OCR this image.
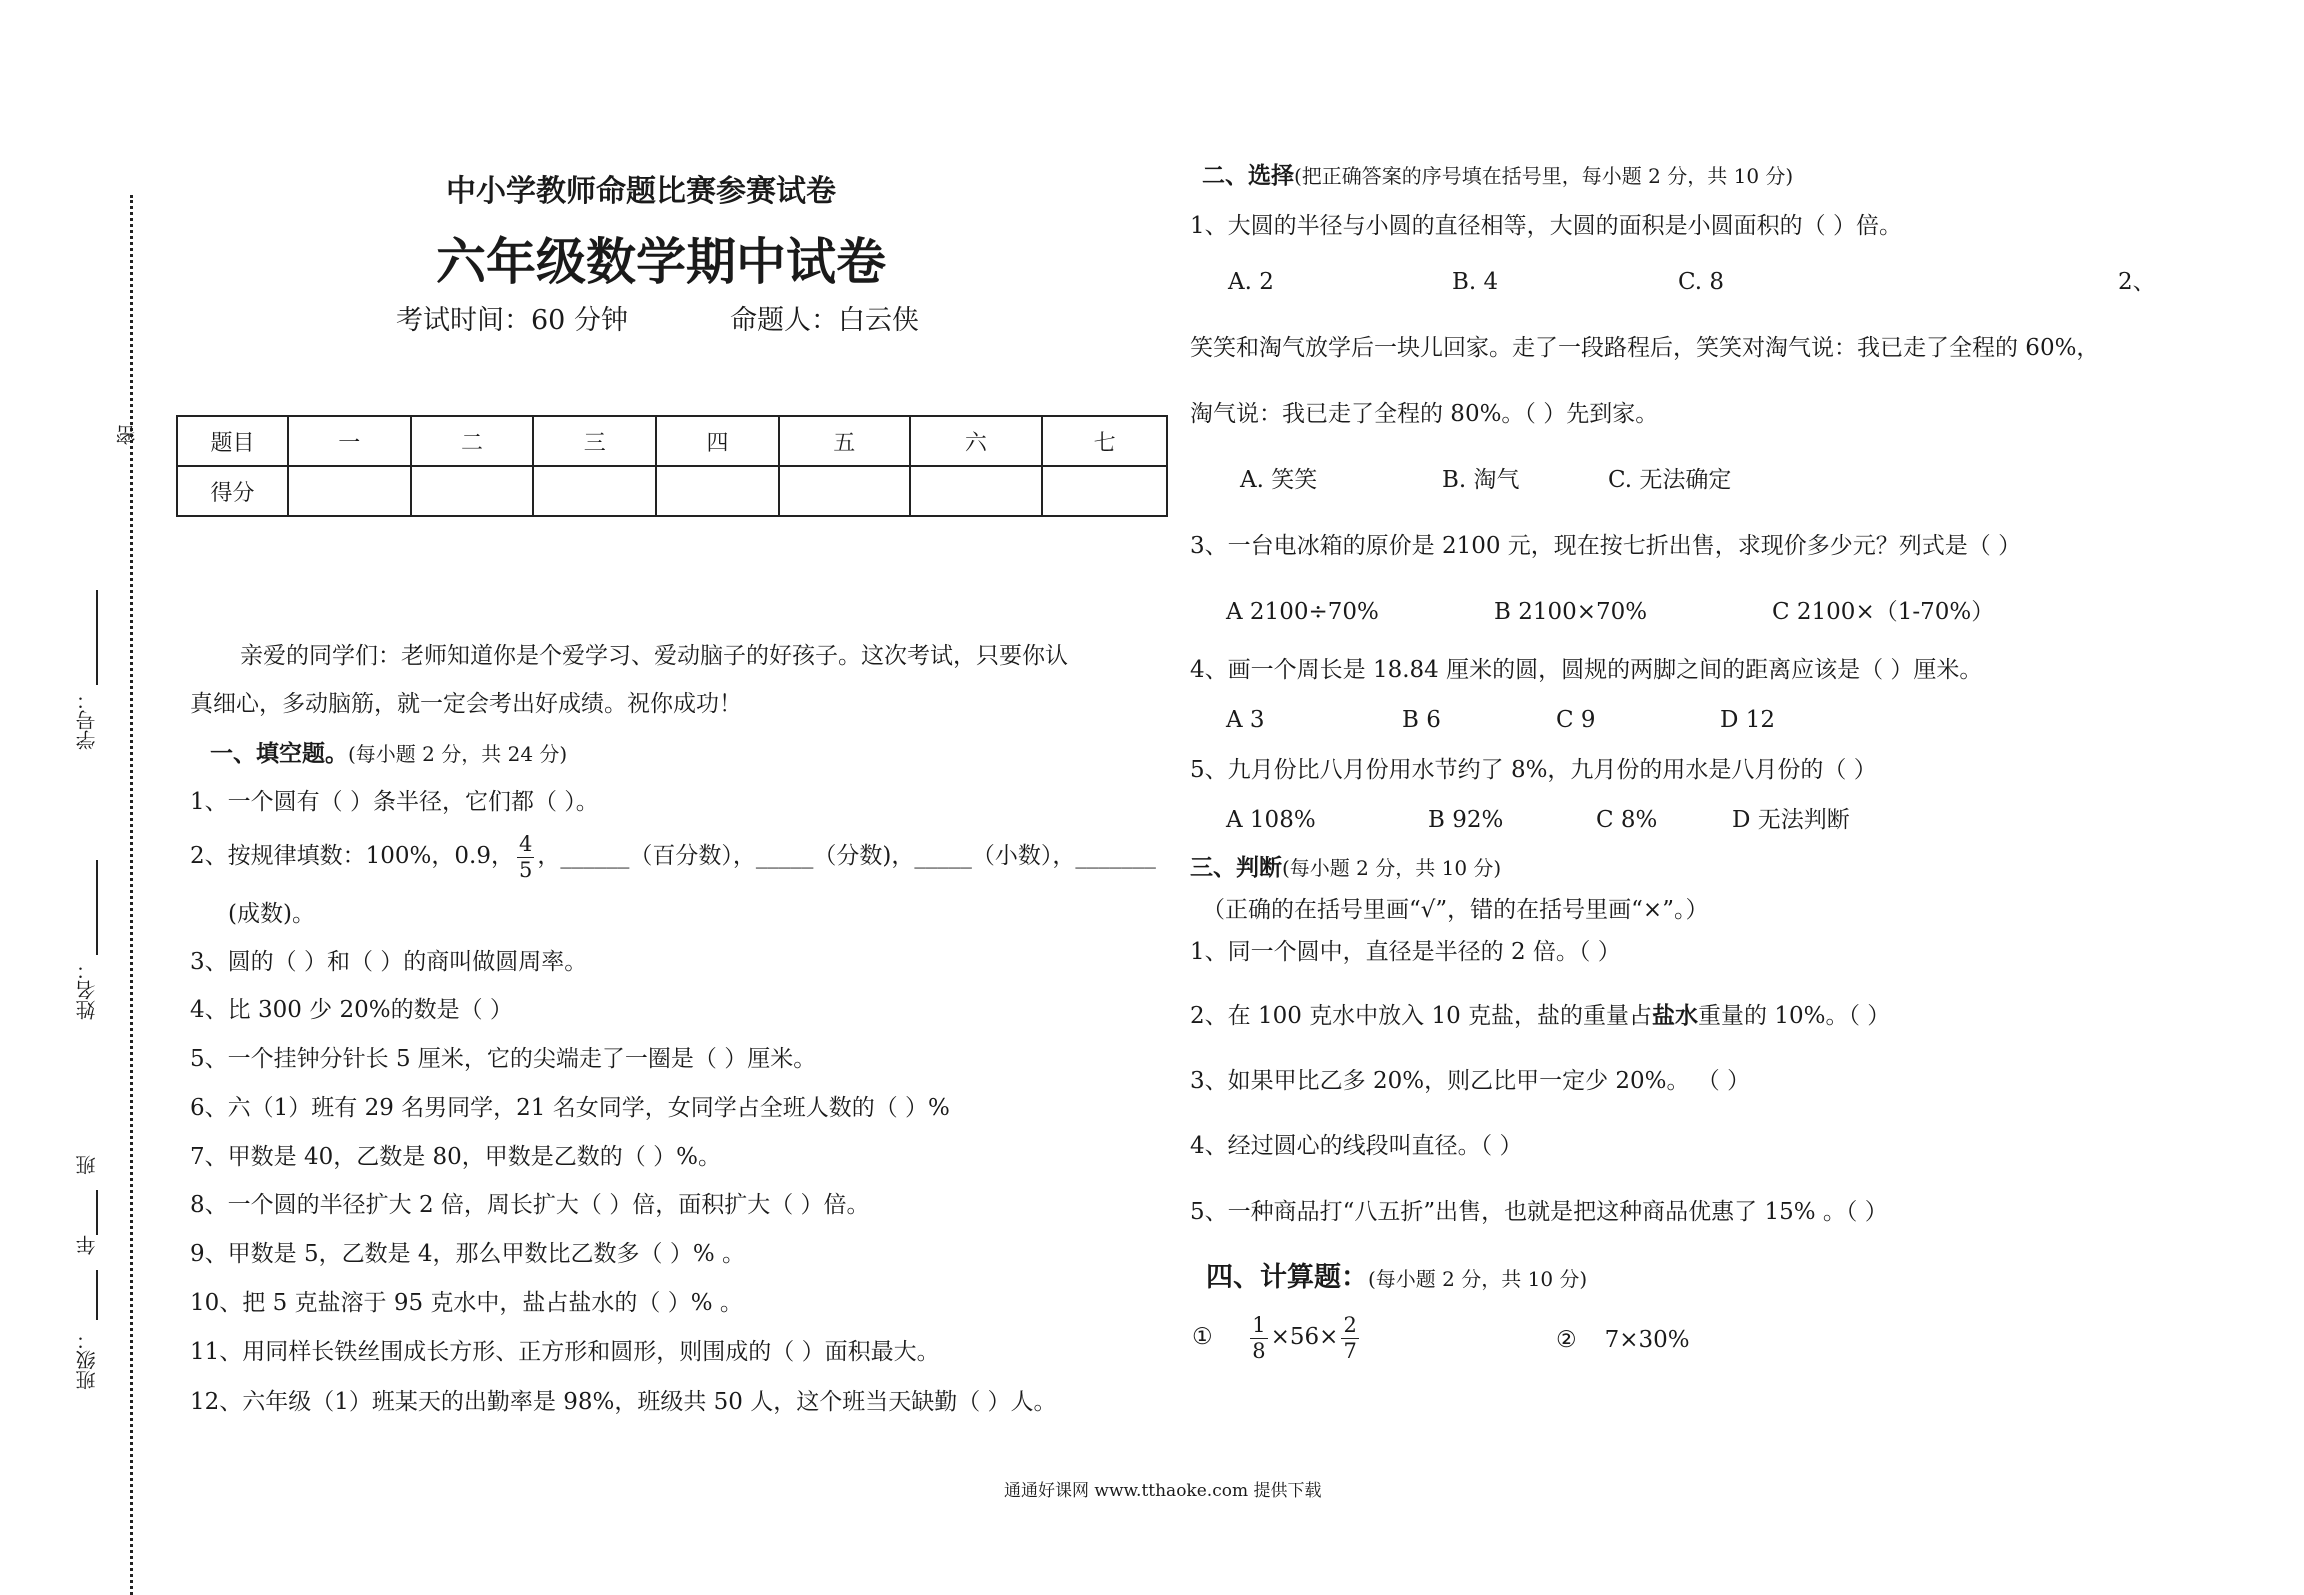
密
学号：
姓名：
班
年
班级：
中小学教师命题比赛参赛试卷
六年级数学期中试卷
考试时间：60 分钟	命题人：白云侠
题目	一	二	三	四	五	六	七
得分							
亲爱的同学们：老师知道你是个爱学习、爱动脑子的好孩子。这次考试，只要你认
真细心，多动脑筋，就一定会考出好成绩。祝你成功！
一、填空题。(每小题 2 分，共 24 分)
1、一个圆有（ ）条半径，它们都（ ）。
2、按规律填数：100%，0.9， $\frac{4}{5}$ ，______（百分数），_____（分数)，_____（小数），_______
(成数)。
3、圆的（ ）和（ ）的商叫做圆周率。
4、比 300 少 20%的数是（ ）
5、一个挂钟分针长 5 厘米，它的尖端走了一圈是（ ）厘米。
6、六（1）班有 29 名男同学，21 名女同学，女同学占全班人数的（ ）%
7、甲数是 40，乙数是 80，甲数是乙数的（ ）%。
8、一个圆的半径扩大 2 倍，周长扩大（ ）倍，面积扩大（ ）倍。
9、甲数是 5，乙数是 4，那么甲数比乙数多（ ）% 。
10、把 5 克盐溶于 95 克水中，盐占盐水的（ ）% 。
11、用同样长铁丝围成长方形、正方形和圆形，则围成的（ ）面积最大。
12、六年级（1）班某天的出勤率是 98%，班级共 50 人，这个班当天缺勤（ ）人。
二、选择(把正确答案的序号填在括号里，每小题 2 分，共 10 分)
1、大圆的半径与小圆的直径相等，大圆的面积是小圆面积的（ ）倍。
A. 2	B. 4	C. 8	2、
笑笑和淘气放学后一块儿回家。走了一段路程后，笑笑对淘气说：我已走了全程的 60%，
淘气说：我已走了全程的 80%。（ ）先到家。
A. 笑笑	B. 淘气	C. 无法确定
3、一台电冰箱的原价是 2100 元，现在按七折出售，求现价多少元？列式是（ ）
A 2100÷70%	B 2100×70%	C 2100×（1-70%）
4、画一个周长是 18.84 厘米的圆，圆规的两脚之间的距离应该是（ ）厘米。
A 3	B 6	C 9	D 12
5、九月份比八月份用水节约了 8%，九月份的用水是八月份的（ ）
A 108%	B 92%	C 8%	D 无法判断
三、判断(每小题 2 分，共 10 分)
（正确的在括号里画“√”，错的在括号里画“×”。）
1、同一个圆中，直径是半径的 2 倍。（ ）
2、在 100 克水中放入 10 克盐，盐的重量占盐水重量的 10%。（ ）
3、如果甲比乙多 20%，则乙比甲一定少 20%。 （ ）
4、经过圆心的线段叫直径。（ ）
5、一种商品打“八五折”出售，也就是把这种商品优惠了 15% 。（ ）
四、计算题：(每小题 2 分，共 10 分)
① $\frac{1}{8} \times 56\times \frac{2}{7}$	② 7×30%
通通好课网 www.tthaoke.com 提供下载
